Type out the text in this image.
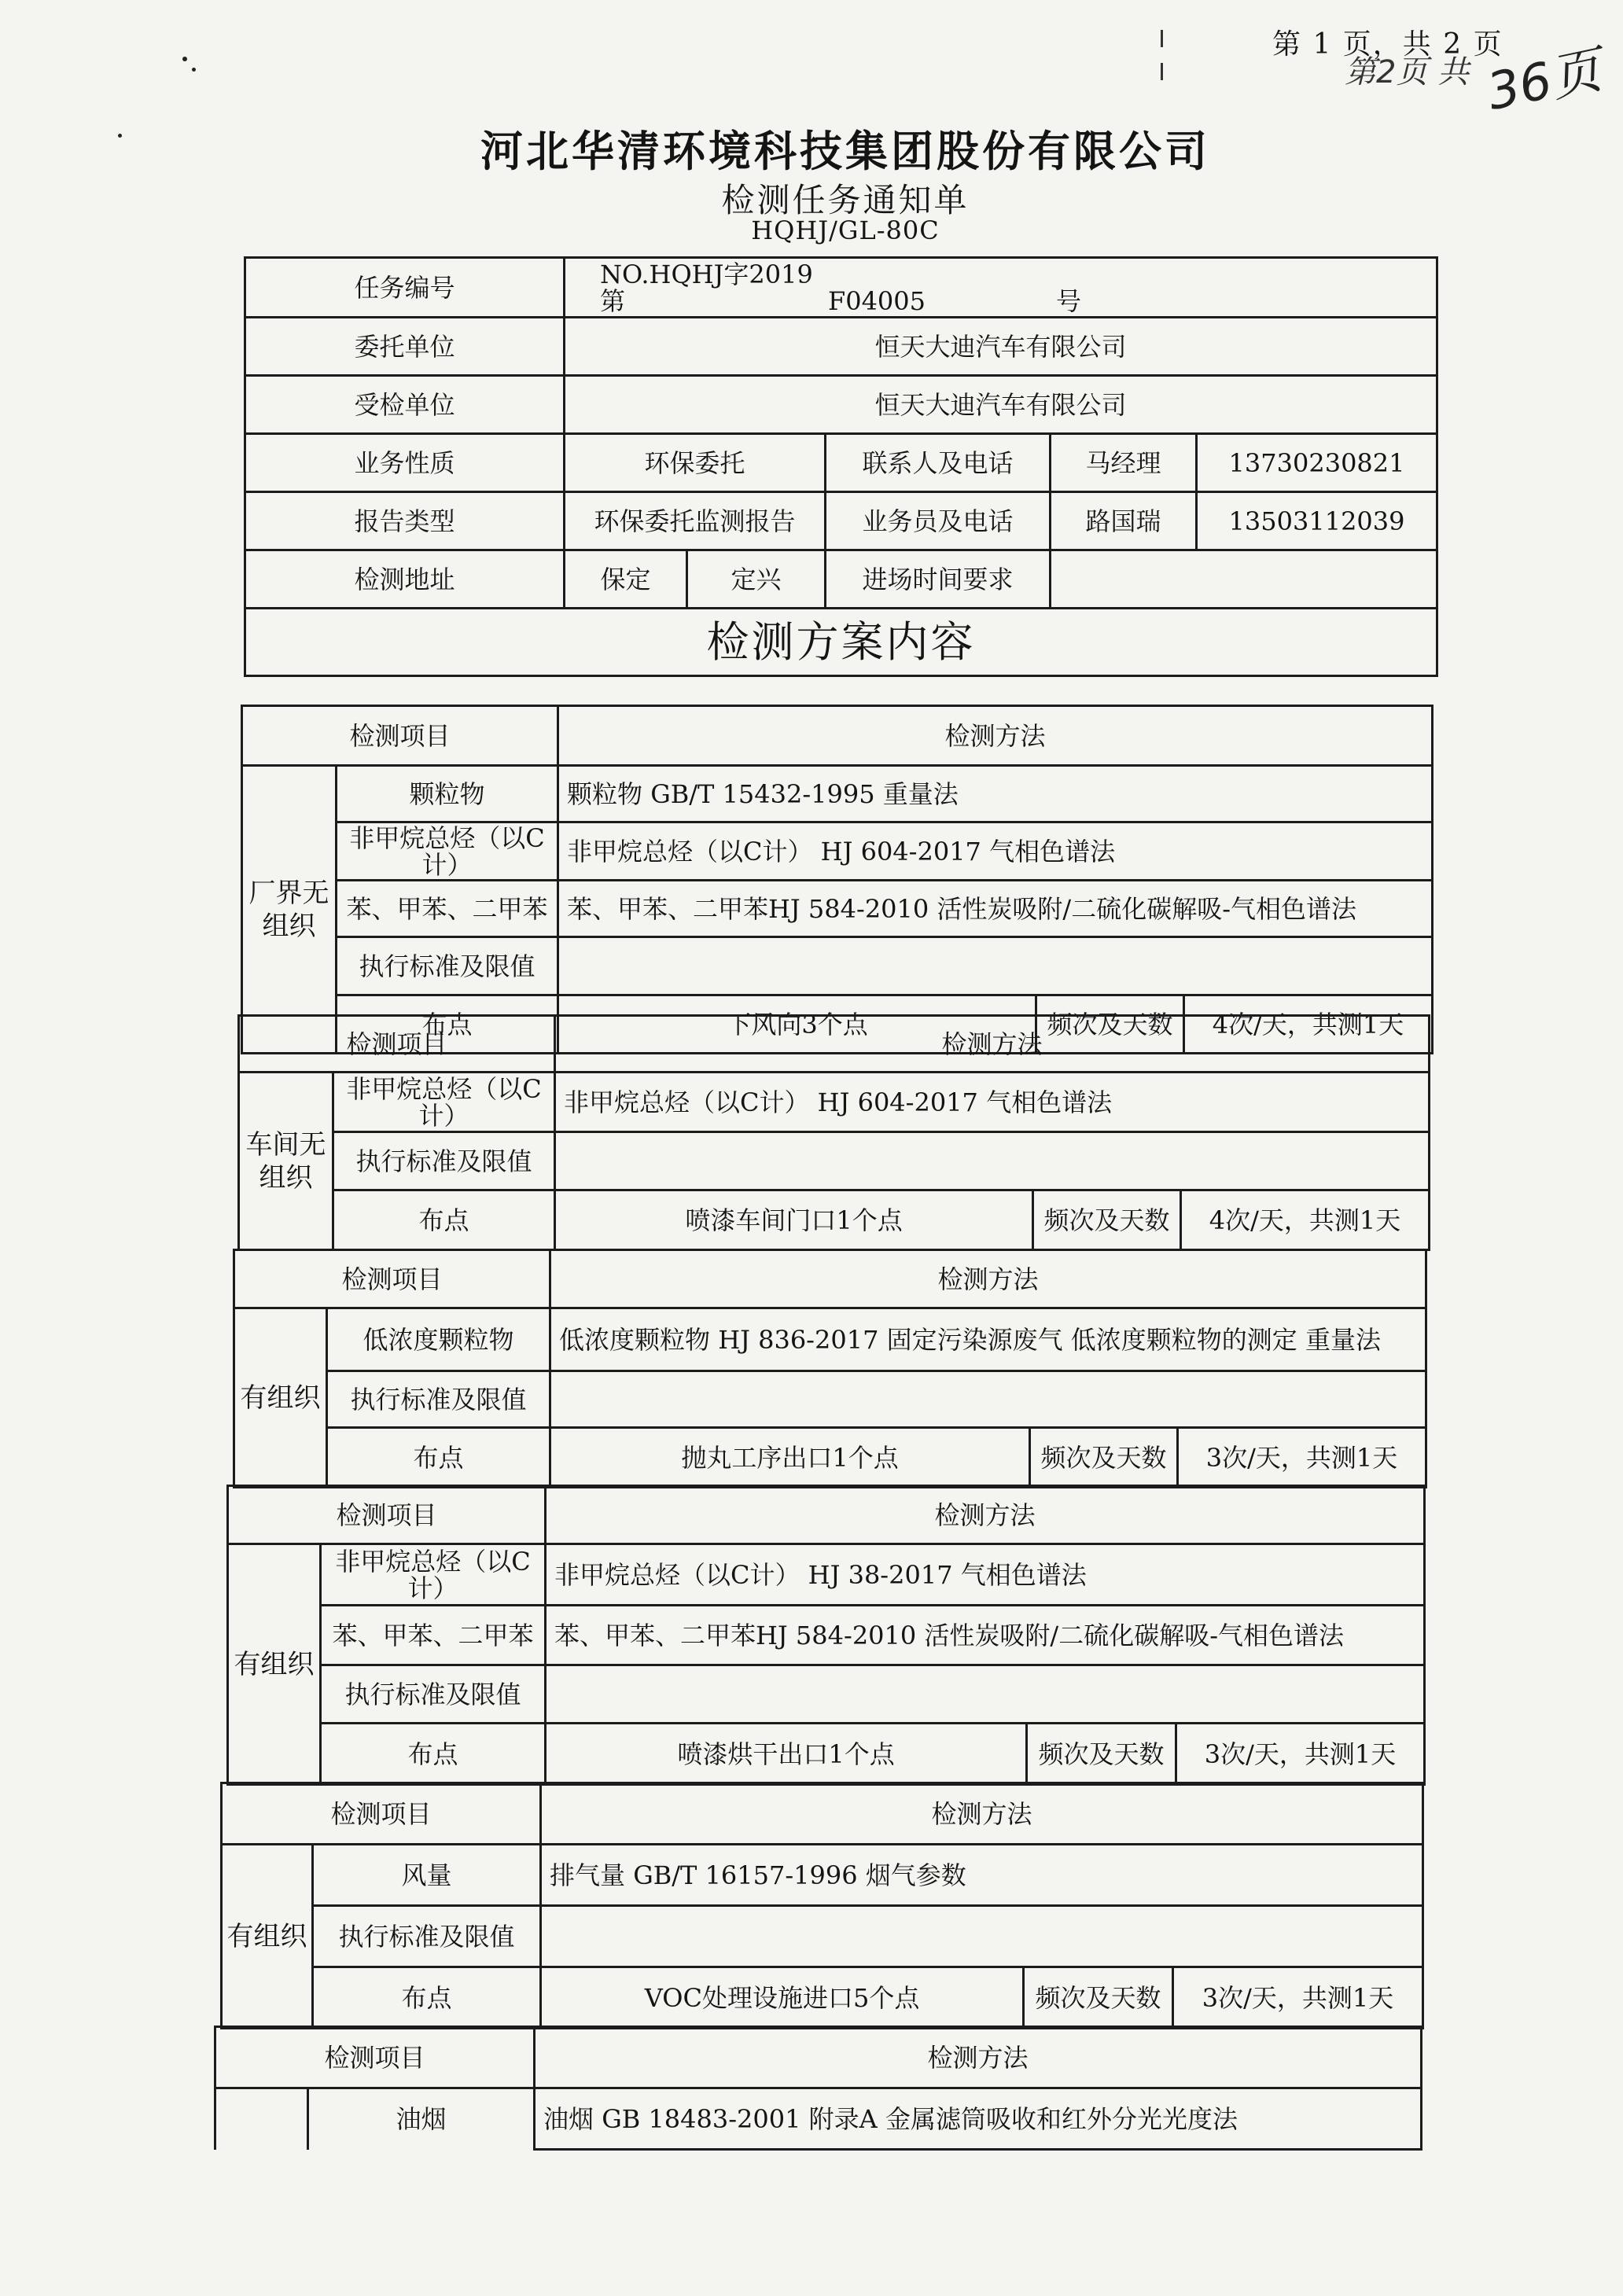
第 1 页，共 2 页
第2页 共 36页
河北华清环境科技集团股份有限公司
检测任务通知单
HQHJ/GL-80C
任务编号	NO.HQHJ字2019第 F04005 号				
委托单位	恒天大迪汽车有限公司				
受检单位	恒天大迪汽车有限公司				
业务性质	环保委托		联系人及电话	马经理	13730230821
报告类型	环保委托监测报告		业务员及电话	路国瑞	13503112039
检测地址	保定	定兴	进场时间要求		
检测方案内容					
检测项目		检测方法		
厂界无组织	颗粒物	颗粒物 GB/T 15432-1995 重量法		
	非甲烷总烃（以C计）	非甲烷总烃（以C计） HJ 604-2017 气相色谱法		
	苯、甲苯、二甲苯	苯、甲苯、二甲苯HJ 584-2010 活性炭吸附/二硫化碳解吸-气相色谱法		
	执行标准及限值			
	布点	下风向3个点	频次及天数	4次/天，共测1天
检测项目		检测方法		
车间无组织	非甲烷总烃（以C计）	非甲烷总烃（以C计） HJ 604-2017 气相色谱法		
	执行标准及限值			
	布点	喷漆车间门口1个点	频次及天数	4次/天，共测1天
检测项目		检测方法		
有组织	低浓度颗粒物	低浓度颗粒物 HJ 836-2017 固定污染源废气 低浓度颗粒物的测定 重量法		
	执行标准及限值			
	布点	抛丸工序出口1个点	频次及天数	3次/天，共测1天
检测项目		检测方法		
有组织	非甲烷总烃（以C计）	非甲烷总烃（以C计） HJ 38-2017 气相色谱法		
	苯、甲苯、二甲苯	苯、甲苯、二甲苯HJ 584-2010 活性炭吸附/二硫化碳解吸-气相色谱法		
	执行标准及限值			
	布点	喷漆烘干出口1个点	频次及天数	3次/天，共测1天
检测项目		检测方法		
有组织	风量	排气量 GB/T 16157-1996 烟气参数		
	执行标准及限值			
	布点	VOC处理设施进口5个点	频次及天数	3次/天，共测1天
检测项目		检测方法
	油烟	油烟 GB 18483-2001 附录A 金属滤筒吸收和红外分光光度法
